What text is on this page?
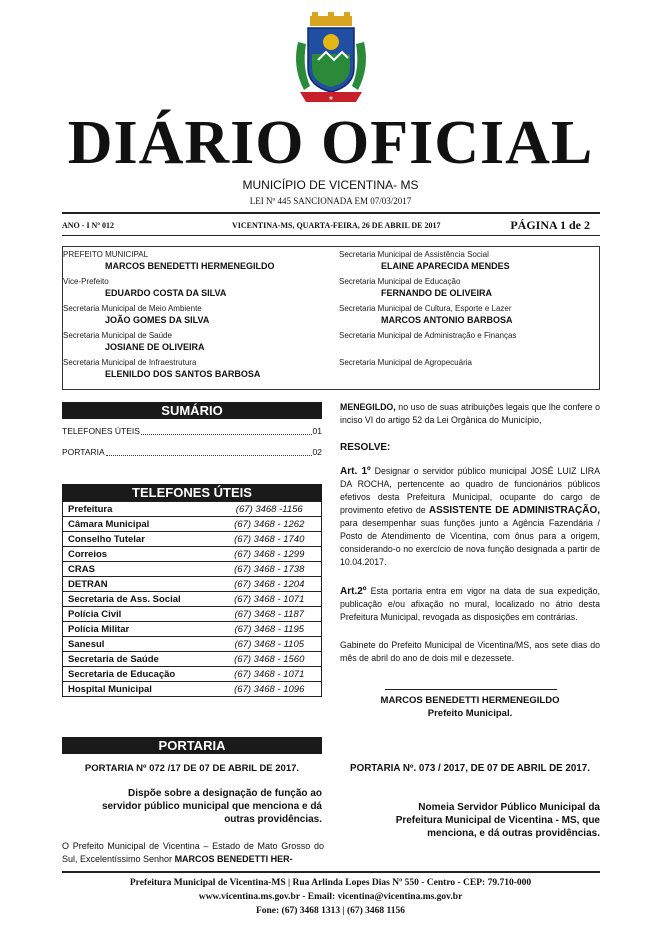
★
DIÁRIO OFICIAL
MUNICÍPIO DE VICENTINA- MS
LEI Nº 445 SANCIONADA EM 07/03/2017
ANO - I Nº 012	VICENTINA-MS, QUARTA-FEIRA, 26 DE ABRIL DE 2017	PÁGINA 1 de 2
PREFEITO MUNICIPAL
MARCOS BENEDETTI HERMENEGILDO
Vice-Prefeito
EDUARDO COSTA DA SILVA
Secretaria Municipal de Meio Ambiente
JOÃO GOMES DA SILVA
Secretaria Municipal de Saúde
JOSIANE DE OLIVEIRA
Secretaria Municipal de Infraestrutura
ELENILDO DOS SANTOS BARBOSA
Secretaria Municipal de Assistência Social
ELAINE APARECIDA MENDES
Secretaria Municipal de Educação
FERNANDO DE OLIVEIRA
Secretaria Municipal de Cultura, Esporte e Lazer
MARCOS ANTONIO BARBOSA
Secretaria Municipal de Administração e Finanças
Secretaria Municipal de Agropecuária
SUMÁRIO
TELEFONES ÚTEIS	01
PORTARIA	02
TELEFONES ÚTEIS
Prefeitura	(67) 3468 -1156
Câmara Municipal	(67) 3468 - 1262
Conselho Tutelar	(67) 3468 - 1740
Correios	(67) 3468 - 1299
CRAS	(67) 3468 - 1738
DETRAN	(67) 3468 - 1204
Secretaria de Ass. Social	(67) 3468 - 1071
Polícia Civil	(67) 3468 - 1187
Polícia Militar	(67) 3468 - 1195
Sanesul	(67) 3468 - 1105
Secretaria de Saúde	(67) 3468 - 1560
Secretaria de Educação	(67) 3468 - 1071
Hospital Municipal	(67) 3468 - 1096
PORTARIA
PORTARIA Nº 072 /17 DE 07 DE ABRIL DE 2017.
Dispõe sobre a designação de função ao servidor público municipal que menciona e dá outras providências.
O Prefeito Municipal de Vicentina – Estado de Mato Grosso do Sul, Excelentíssimo Senhor MARCOS BENEDETTI HER-
MENEGILDO, no uso de suas atribuições legais que lhe confere o inciso VI do artigo 52 da Lei Orgânica do Município,
RESOLVE:
Art. 1º Designar o servidor público municipal JOSÉ LUIZ LIRA DA ROCHA, pertencente ao quadro de funcionários públicos efetivos desta Prefeitura Municipal, ocupante do cargo de provimento efetivo de ASSISTENTE DE ADMINISTRAÇÃO, para desempenhar suas funções junto a Agência Fazendária / Posto de Atendimento de Vicentina, com ônus para a origem, considerando-o no exercício de nova função designada a partir de 10.04.2017.
Art.2º Esta portaria entra em vigor na data de sua expedição, publicação e/ou afixação no mural, localizado no átrio desta Prefeitura Municipal, revogada as disposições em contrárias.
Gabinete do Prefeito Municipal de Vicentina/MS, aos sete dias do mês de abril do ano de dois mil e dezessete.
MARCOS BENEDETTI HERMENEGILDO
Prefeito Municipal.
PORTARIA Nº. 073 / 2017, DE 07 DE ABRIL DE 2017.
Nomeia Servidor Público Municipal da Prefeitura Municipal de Vicentina - MS, que menciona, e dá outras providências.
Prefeitura Municipal de Vicentina-MS | Rua Arlinda Lopes Dias Nº 550 - Centro - CEP: 79.710-000
www.vicentina.ms.gov.br - Email: vicentina@vicentina.ms.gov.br
Fone: (67) 3468 1313 | (67) 3468 1156
